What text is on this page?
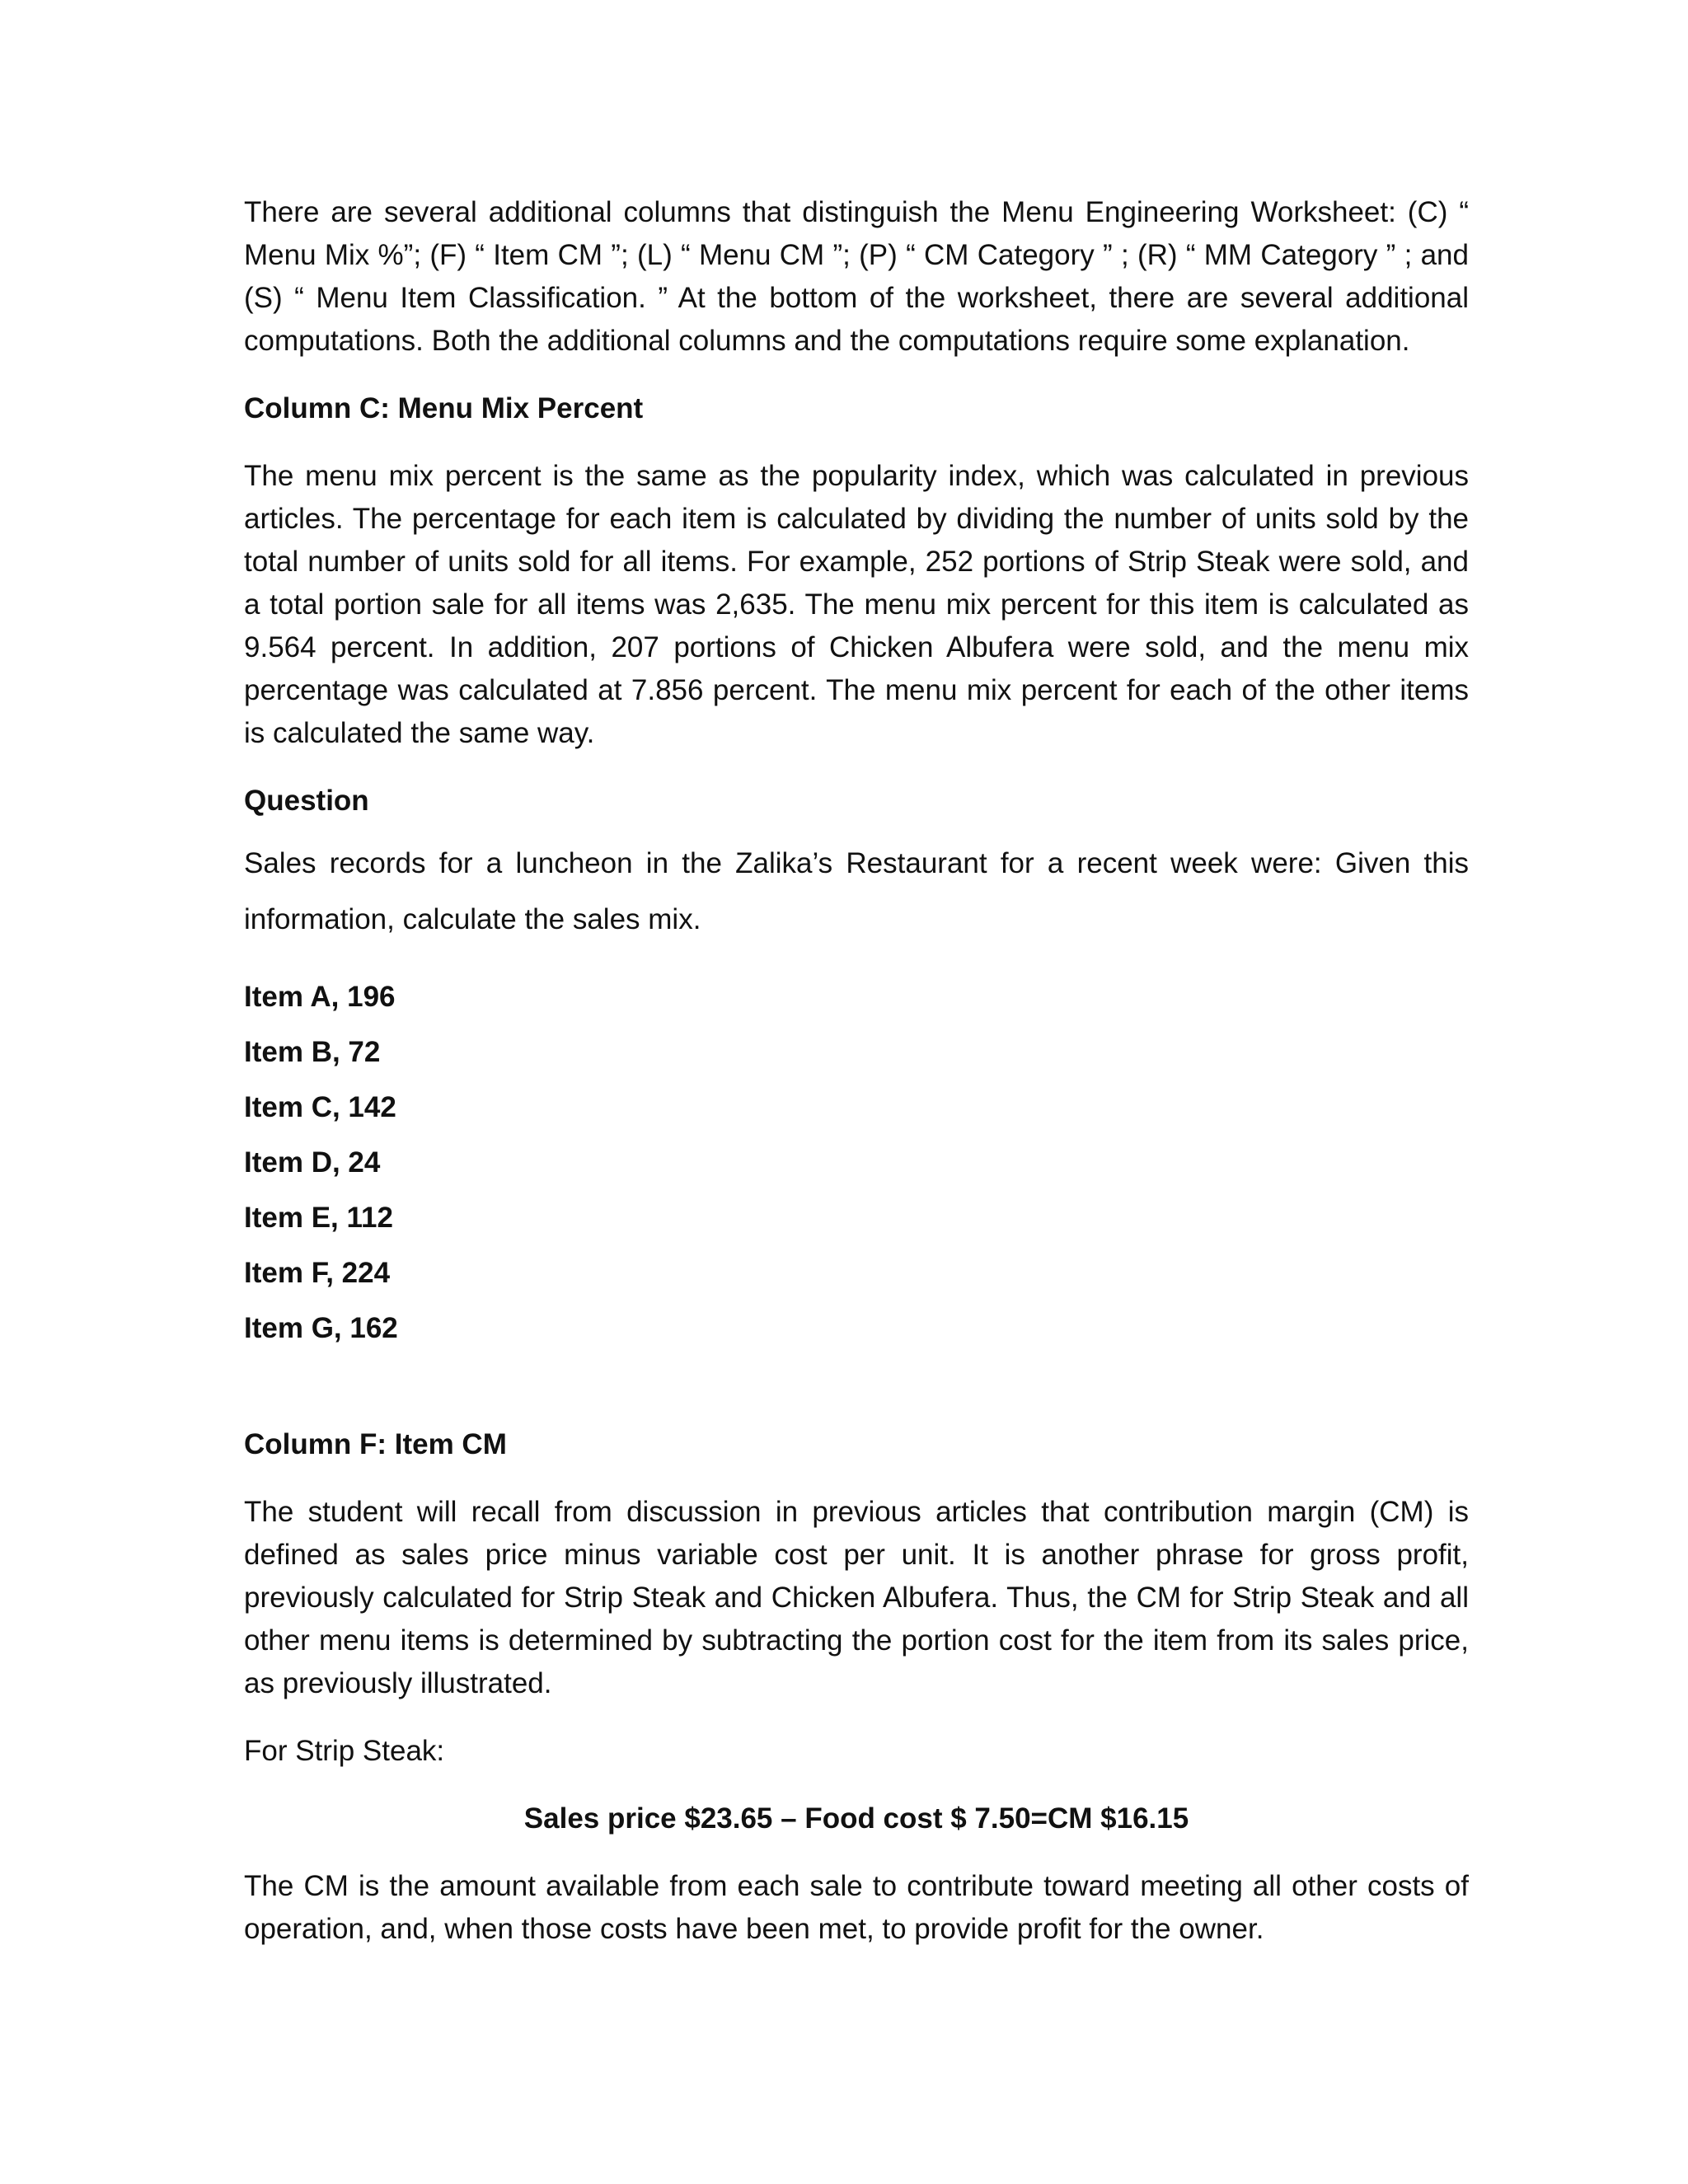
There are several additional columns that distinguish the Menu Engineering Worksheet: (C) “ Menu Mix %”; (F) “ Item CM ”; (L) “ Menu CM ”; (P) “ CM Category ” ; (R) “ MM Category ” ; and (S) “ Menu Item Classification. ” At the bottom of the worksheet, there are several additional computations. Both the additional columns and the computations require some explanation.

Column C: Menu Mix Percent

The menu mix percent is the same as the popularity index, which was calculated in previous articles. The percentage for each item is calculated by dividing the number of units sold by the total number of units sold for all items. For example, 252 portions of Strip Steak were sold, and a total portion sale for all items was 2,635. The menu mix percent for this item is calculated as 9.564 percent. In addition, 207 portions of Chicken Albufera were sold, and the menu mix percentage was calculated at 7.856 percent. The menu mix percent for each of the other items is calculated the same way.

Question

Sales records for a luncheon in the Zalika’s Restaurant for a recent week were: Given this information, calculate the sales mix.

Item A, 196

Item B, 72

Item C, 142

Item D, 24

Item E, 112

Item F, 224

Item G, 162

Column F: Item CM

The student will recall from discussion in previous articles that contribution margin (CM) is defined as sales price minus variable cost per unit. It is another phrase for gross profit, previously calculated for Strip Steak and Chicken Albufera. Thus, the CM for Strip Steak and all other menu items is determined by subtracting the portion cost for the item from its sales price, as previously illustrated.

For Strip Steak:

Sales price $23.65 – Food cost $ 7.50=CM $16.15

The CM is the amount available from each sale to contribute toward meeting all other costs of operation, and, when those costs have been met, to provide profit for the owner.
